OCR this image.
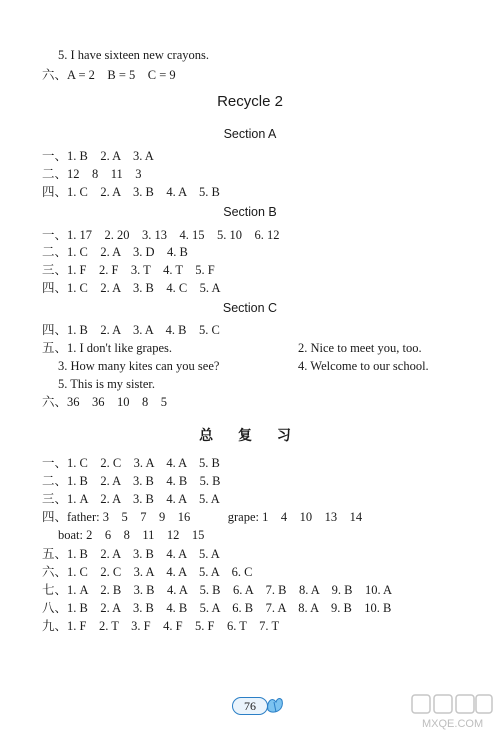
5. I have sixteen new crayons.
六、A = 2    B = 5    C = 9
Recycle 2
Section A
一、1. B    2. A    3. A
二、12    8    11    3
四、1. C    2. A    3. B    4. A    5. B
Section B
一、1. 17    2. 20    3. 13    4. 15    5. 10    6. 12
二、1. C    2. A    3. D    4. B
三、1. F    2. F    3. T    4. T    5. F
四、1. C    2. A    3. B    4. C    5. A
Section C
四、1. B    2. A    3. A    4. B    5. C
五、1. I don't like grapes.	2. Nice to meet you, too.
3. How many kites can you see?	4. Welcome to our school.
5. This is my sister.
六、36    36    10    8    5
总 复 习
一、1. C    2. C    3. A    4. A    5. B
二、1. B    2. A    3. B    4. B    5. B
三、1. A    2. A    3. B    4. A    5. A
四、father: 3    5    7    9    16            grape: 1    4    10    13    14
boat: 2    6    8    11    12    15
五、1. B    2. A    3. B    4. A    5. A
六、1. C    2. C    3. A    4. A    5. A    6. C
七、1. A    2. B    3. B    4. A    5. B    6. A    7. B    8. A    9. B    10. A
八、1. B    2. A    3. B    4. B    5. A    6. B    7. A    8. A    9. B    10. B
九、1. F    2. T    3. F    4. F    5. F    6. T    7. T
76
MXQE.COM
